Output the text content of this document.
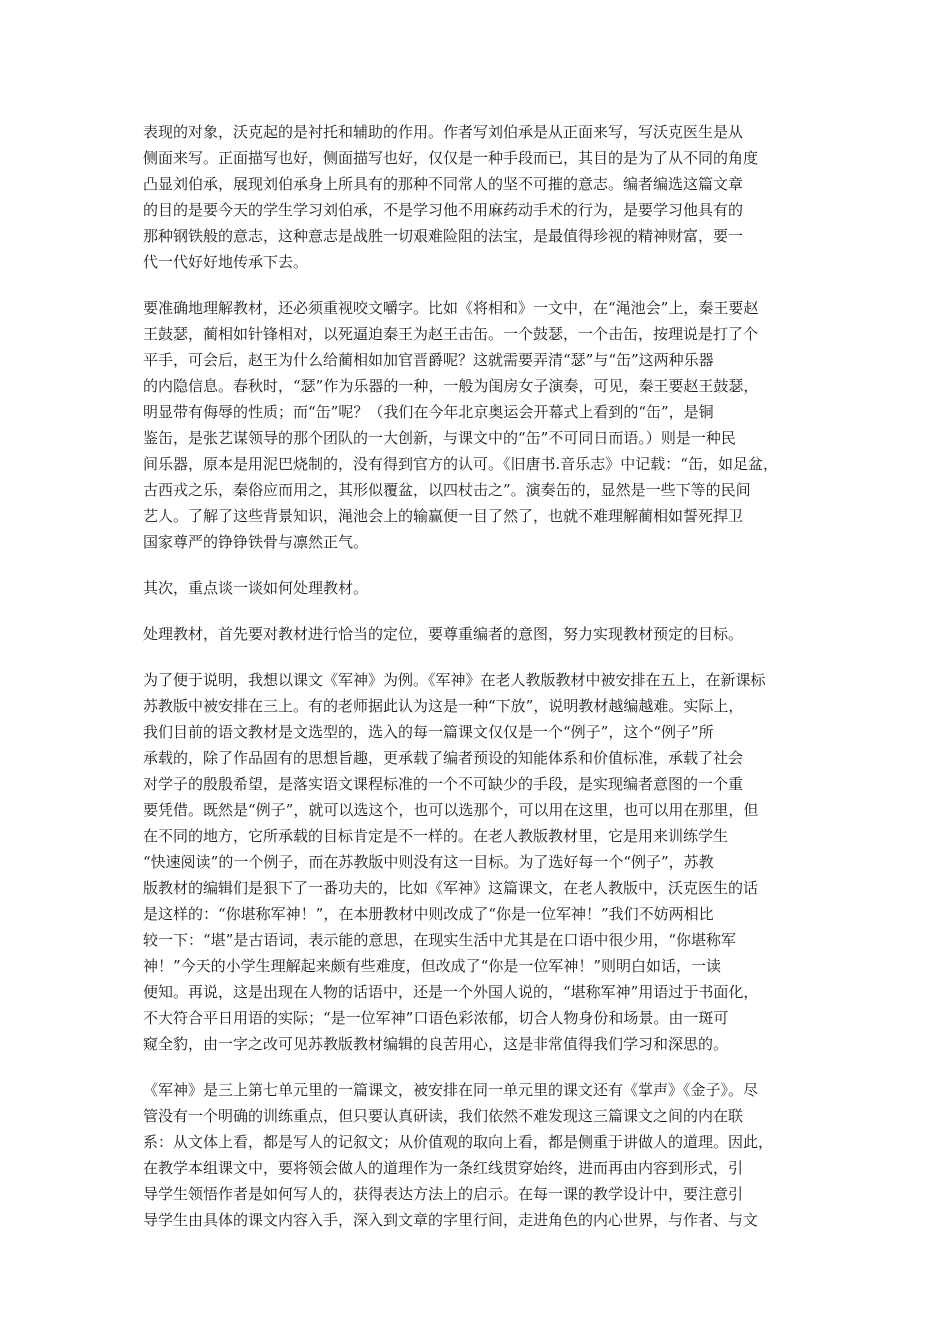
表现的对象，沃克起的是衬托和辅助的作用。作者写刘伯承是从正面来写，写沃克医生是从
侧面来写。正面描写也好，侧面描写也好，仅仅是一种手段而已，其目的是为了从不同的角度
凸显刘伯承，展现刘伯承身上所具有的那种不同常人的坚不可摧的意志。编者编选这篇文章
的目的是要今天的学生学习刘伯承，不是学习他不用麻药动手术的行为，是要学习他具有的
那种钢铁般的意志，这种意志是战胜一切艰难险阻的法宝，是最值得珍视的精神财富，要一
代一代好好地传承下去。

要准确地理解教材，还必须重视咬文嚼字。比如《将相和》一文中，在“渑池会”上，秦王要赵
王鼓瑟，蔺相如针锋相对，以死逼迫秦王为赵王击缶。一个鼓瑟，一个击缶，按理说是打了个
平手，可会后，赵王为什么给蔺相如加官晋爵呢？这就需要弄清“瑟”与“缶”这两种乐器
的内隐信息。春秋时，“瑟”作为乐器的一种，一般为闺房女子演奏，可见，秦王要赵王鼓瑟，
明显带有侮辱的性质；而“缶”呢？（我们在今年北京奥运会开幕式上看到的“缶”，是铜
鉴缶，是张艺谋领导的那个团队的一大创新，与课文中的“缶”不可同日而语。）则是一种民
间乐器，原本是用泥巴烧制的，没有得到官方的认可。《旧唐书.音乐志》中记载：“缶，如足盆，
古西戎之乐，秦俗应而用之，其形似覆盆，以四杖击之”。演奏缶的，显然是一些下等的民间
艺人。了解了这些背景知识，渑池会上的输赢便一目了然了，也就不难理解蔺相如誓死捍卫
国家尊严的铮铮铁骨与凛然正气。

其次，重点谈一谈如何处理教材。

处理教材，首先要对教材进行恰当的定位，要尊重编者的意图，努力实现教材预定的目标。

为了便于说明，我想以课文《军神》为例。《军神》在老人教版教材中被安排在五上，在新课标
苏教版中被安排在三上。有的老师据此认为这是一种“下放”，说明教材越编越难。实际上，
我们目前的语文教材是文选型的，选入的每一篇课文仅仅是一个“例子”，这个“例子”所
承载的，除了作品固有的思想旨趣，更承载了编者预设的知能体系和价值标准，承载了社会
对学子的殷殷希望，是落实语文课程标准的一个不可缺少的手段，是实现编者意图的一个重
要凭借。既然是“例子”，就可以选这个，也可以选那个，可以用在这里，也可以用在那里，但
在不同的地方，它所承载的目标肯定是不一样的。在老人教版教材里，它是用来训练学生
“快速阅读”的一个例子，而在苏教版中则没有这一目标。为了选好每一个“例子”，苏教
版教材的编辑们是狠下了一番功夫的，比如《军神》这篇课文，在老人教版中，沃克医生的话
是这样的：“你堪称军神！”，在本册教材中则改成了“你是一位军神！”我们不妨两相比
较一下：“堪”是古语词，表示能的意思，在现实生活中尤其是在口语中很少用，“你堪称军
神！”今天的小学生理解起来颇有些难度，但改成了“你是一位军神！”则明白如话，一读
便知。再说，这是出现在人物的话语中，还是一个外国人说的，“堪称军神”用语过于书面化，
不大符合平日用语的实际；“是一位军神”口语色彩浓郁，切合人物身份和场景。由一斑可
窥全豹，由一字之改可见苏教版教材编辑的良苦用心，这是非常值得我们学习和深思的。

《军神》是三上第七单元里的一篇课文，被安排在同一单元里的课文还有《掌声》《金子》。尽
管没有一个明确的训练重点，但只要认真研读，我们依然不难发现这三篇课文之间的内在联
系：从文体上看，都是写人的记叙文；从价值观的取向上看，都是侧重于讲做人的道理。因此，
在教学本组课文中，要将领会做人的道理作为一条红线贯穿始终，进而再由内容到形式，引
导学生领悟作者是如何写人的，获得表达方法上的启示。在每一课的教学设计中，要注意引
导学生由具体的课文内容入手，深入到文章的字里行间，走进角色的内心世界，与作者、与文
